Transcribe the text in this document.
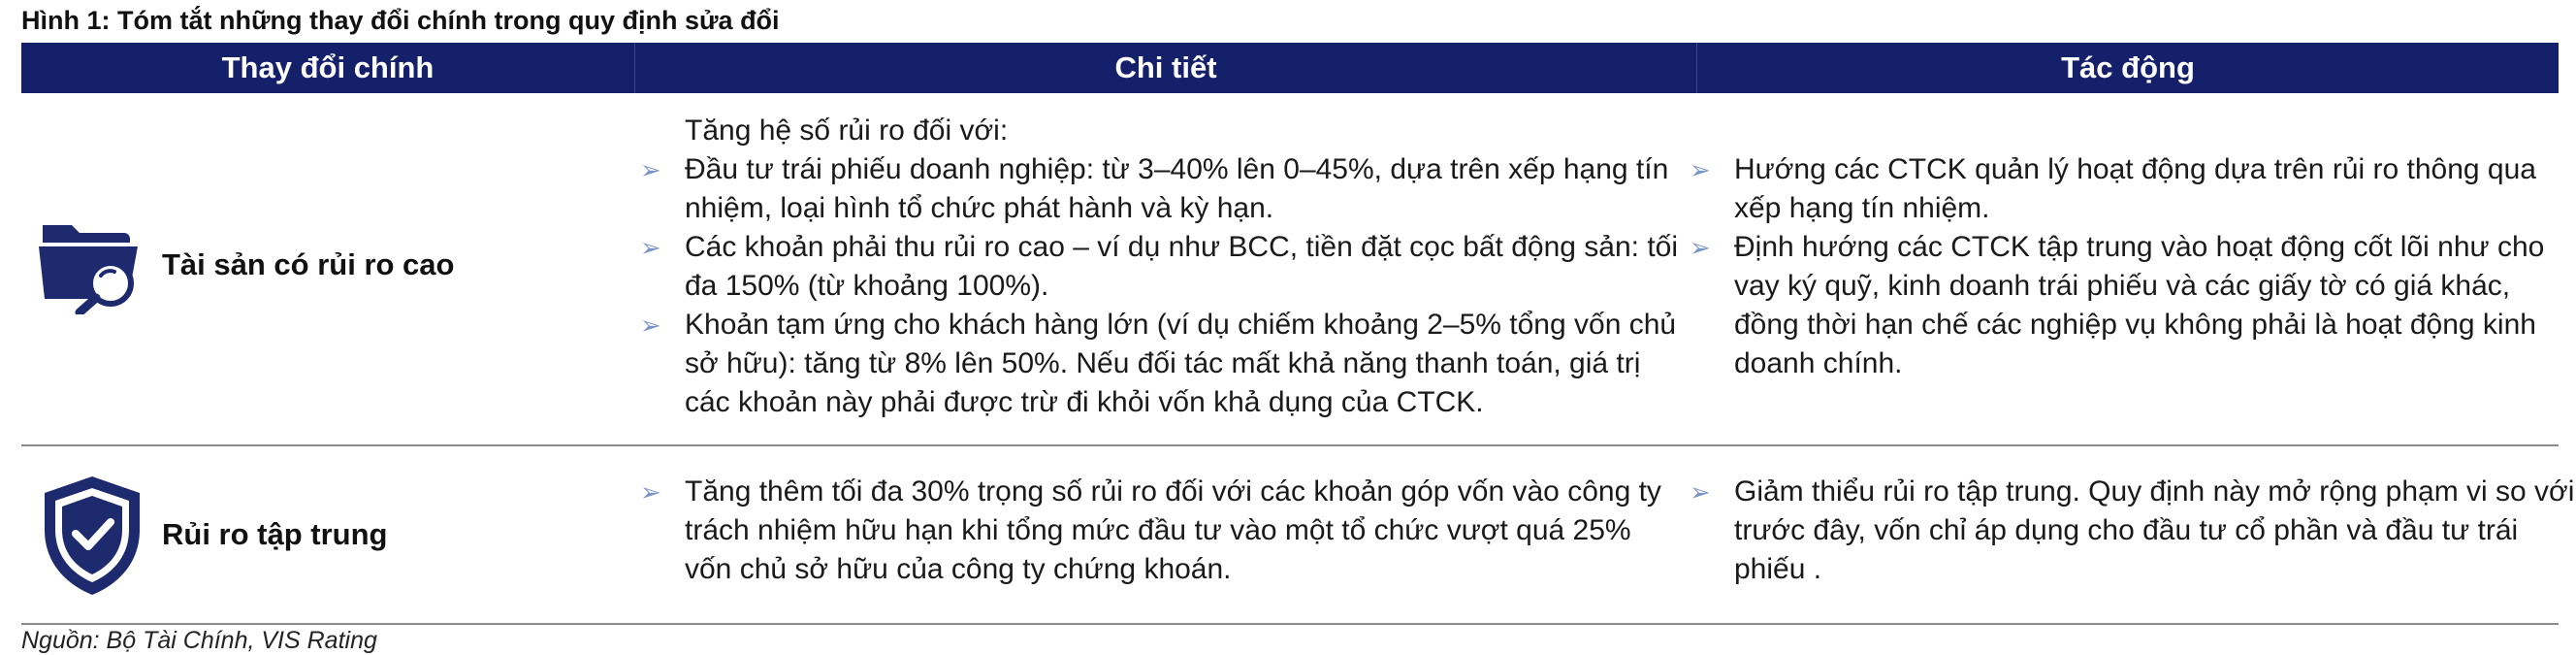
Hình 1: Tóm tắt những thay đổi chính trong quy định sửa đổi
Thay đổi chính	Chi tiết	Tác động
Tài sản có rủi ro cao
Tăng hệ số rủi ro đối với:
➢ Đầu tư trái phiếu doanh nghiệp: từ 3–40% lên 0–45%, dựa trên xếp hạng tín nhiệm, loại hình tổ chức phát hành và kỳ hạn.
➢ Các khoản phải thu rủi ro cao – ví dụ như BCC, tiền đặt cọc bất động sản: tối đa 150% (từ khoảng 100%).
➢ Khoản tạm ứng cho khách hàng lớn (ví dụ chiếm khoảng 2–5% tổng vốn chủ sở hữu): tăng từ 8% lên 50%. Nếu đối tác mất khả năng thanh toán, giá trị các khoản này phải được trừ đi khỏi vốn khả dụng của CTCK.
➢ Hướng các CTCK quản lý hoạt động dựa trên rủi ro thông qua xếp hạng tín nhiệm.
➢ Định hướng các CTCK tập trung vào hoạt động cốt lõi như cho vay ký quỹ, kinh doanh trái phiếu và các giấy tờ có giá khác, đồng thời hạn chế các nghiệp vụ không phải là hoạt động kinh doanh chính.
Rủi ro tập trung
➢ Tăng thêm tối đa 30% trọng số rủi ro đối với các khoản góp vốn vào công ty trách nhiệm hữu hạn khi tổng mức đầu tư vào một tổ chức vượt quá 25% vốn chủ sở hữu của công ty chứng khoán.
➢ Giảm thiểu rủi ro tập trung. Quy định này mở rộng phạm vi so với trước đây, vốn chỉ áp dụng cho đầu tư cổ phần và đầu tư trái phiếu .
Nguồn: Bộ Tài Chính, VIS Rating
